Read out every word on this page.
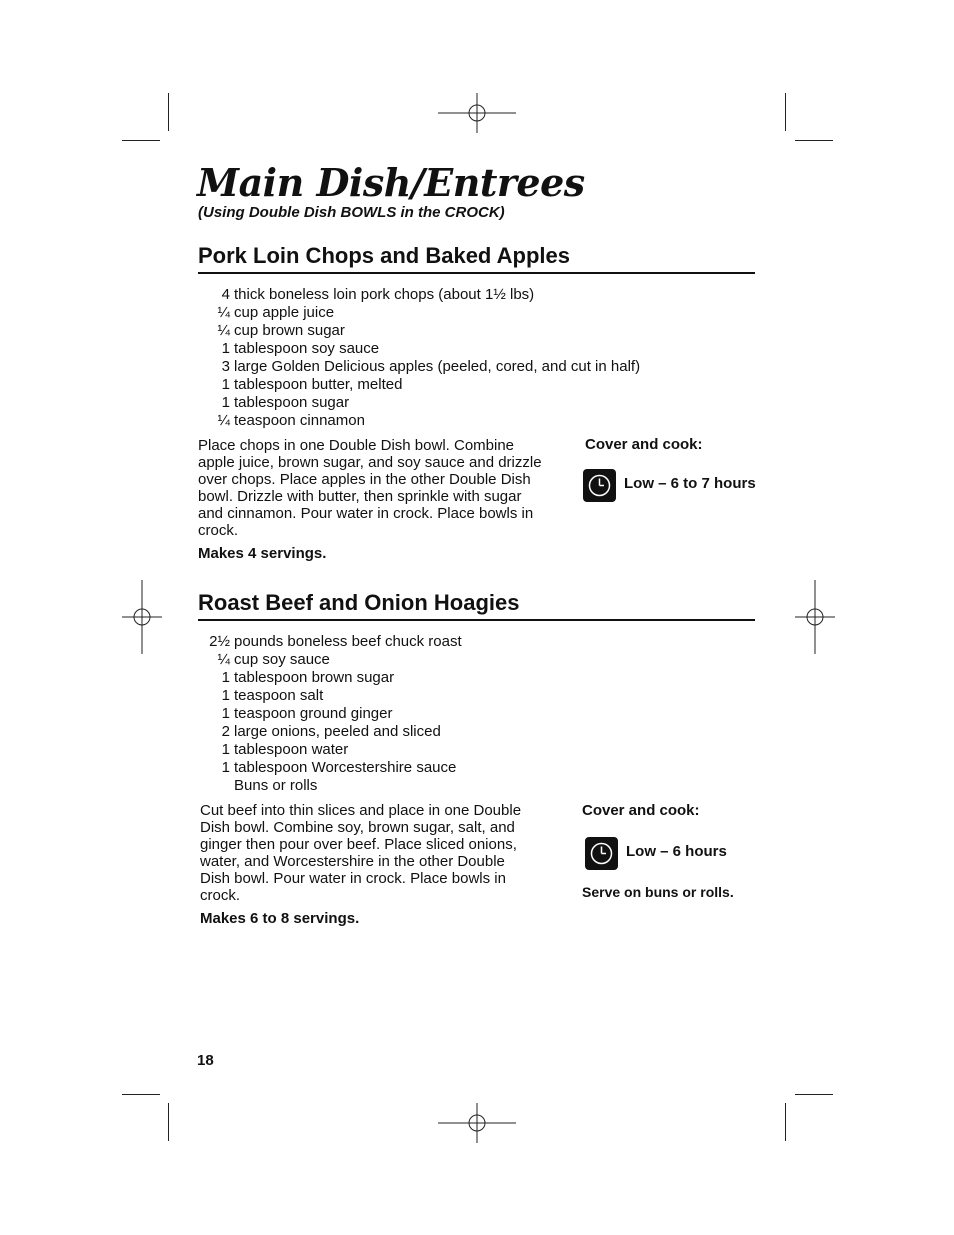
Main Dish/Entrees
(Using Double Dish BOWLS in the CROCK)
Pork Loin Chops and Baked Apples
4 thick boneless loin pork chops (about 1½ lbs)
¼ cup apple juice
¼ cup brown sugar
1 tablespoon soy sauce
3 large Golden Delicious apples (peeled, cored, and cut in half)
1 tablespoon butter, melted
1 tablespoon sugar
¼ teaspoon cinnamon
Place chops in one Double Dish bowl. Combine apple juice, brown sugar, and soy sauce and drizzle over chops. Place apples in the other Double Dish bowl. Drizzle with butter, then sprinkle with sugar and cinnamon. Pour water in crock. Place bowls in crock.
Makes 4 servings.
Cover and cook:
Low – 6 to 7 hours
Roast Beef and Onion Hoagies
2½ pounds boneless beef chuck roast
¼ cup soy sauce
1 tablespoon brown sugar
1 teaspoon salt
1 teaspoon ground ginger
2 large onions, peeled and sliced
1 tablespoon water
1 tablespoon Worcestershire sauce
Buns or rolls
Cut beef into thin slices and place in one Double Dish bowl. Combine soy, brown sugar, salt, and ginger then pour over beef. Place sliced onions, water, and Worcestershire in the other Double Dish bowl. Pour water in crock. Place bowls in crock.
Makes 6 to 8 servings.
Cover and cook:
Low – 6 hours
Serve on buns or rolls.
18
